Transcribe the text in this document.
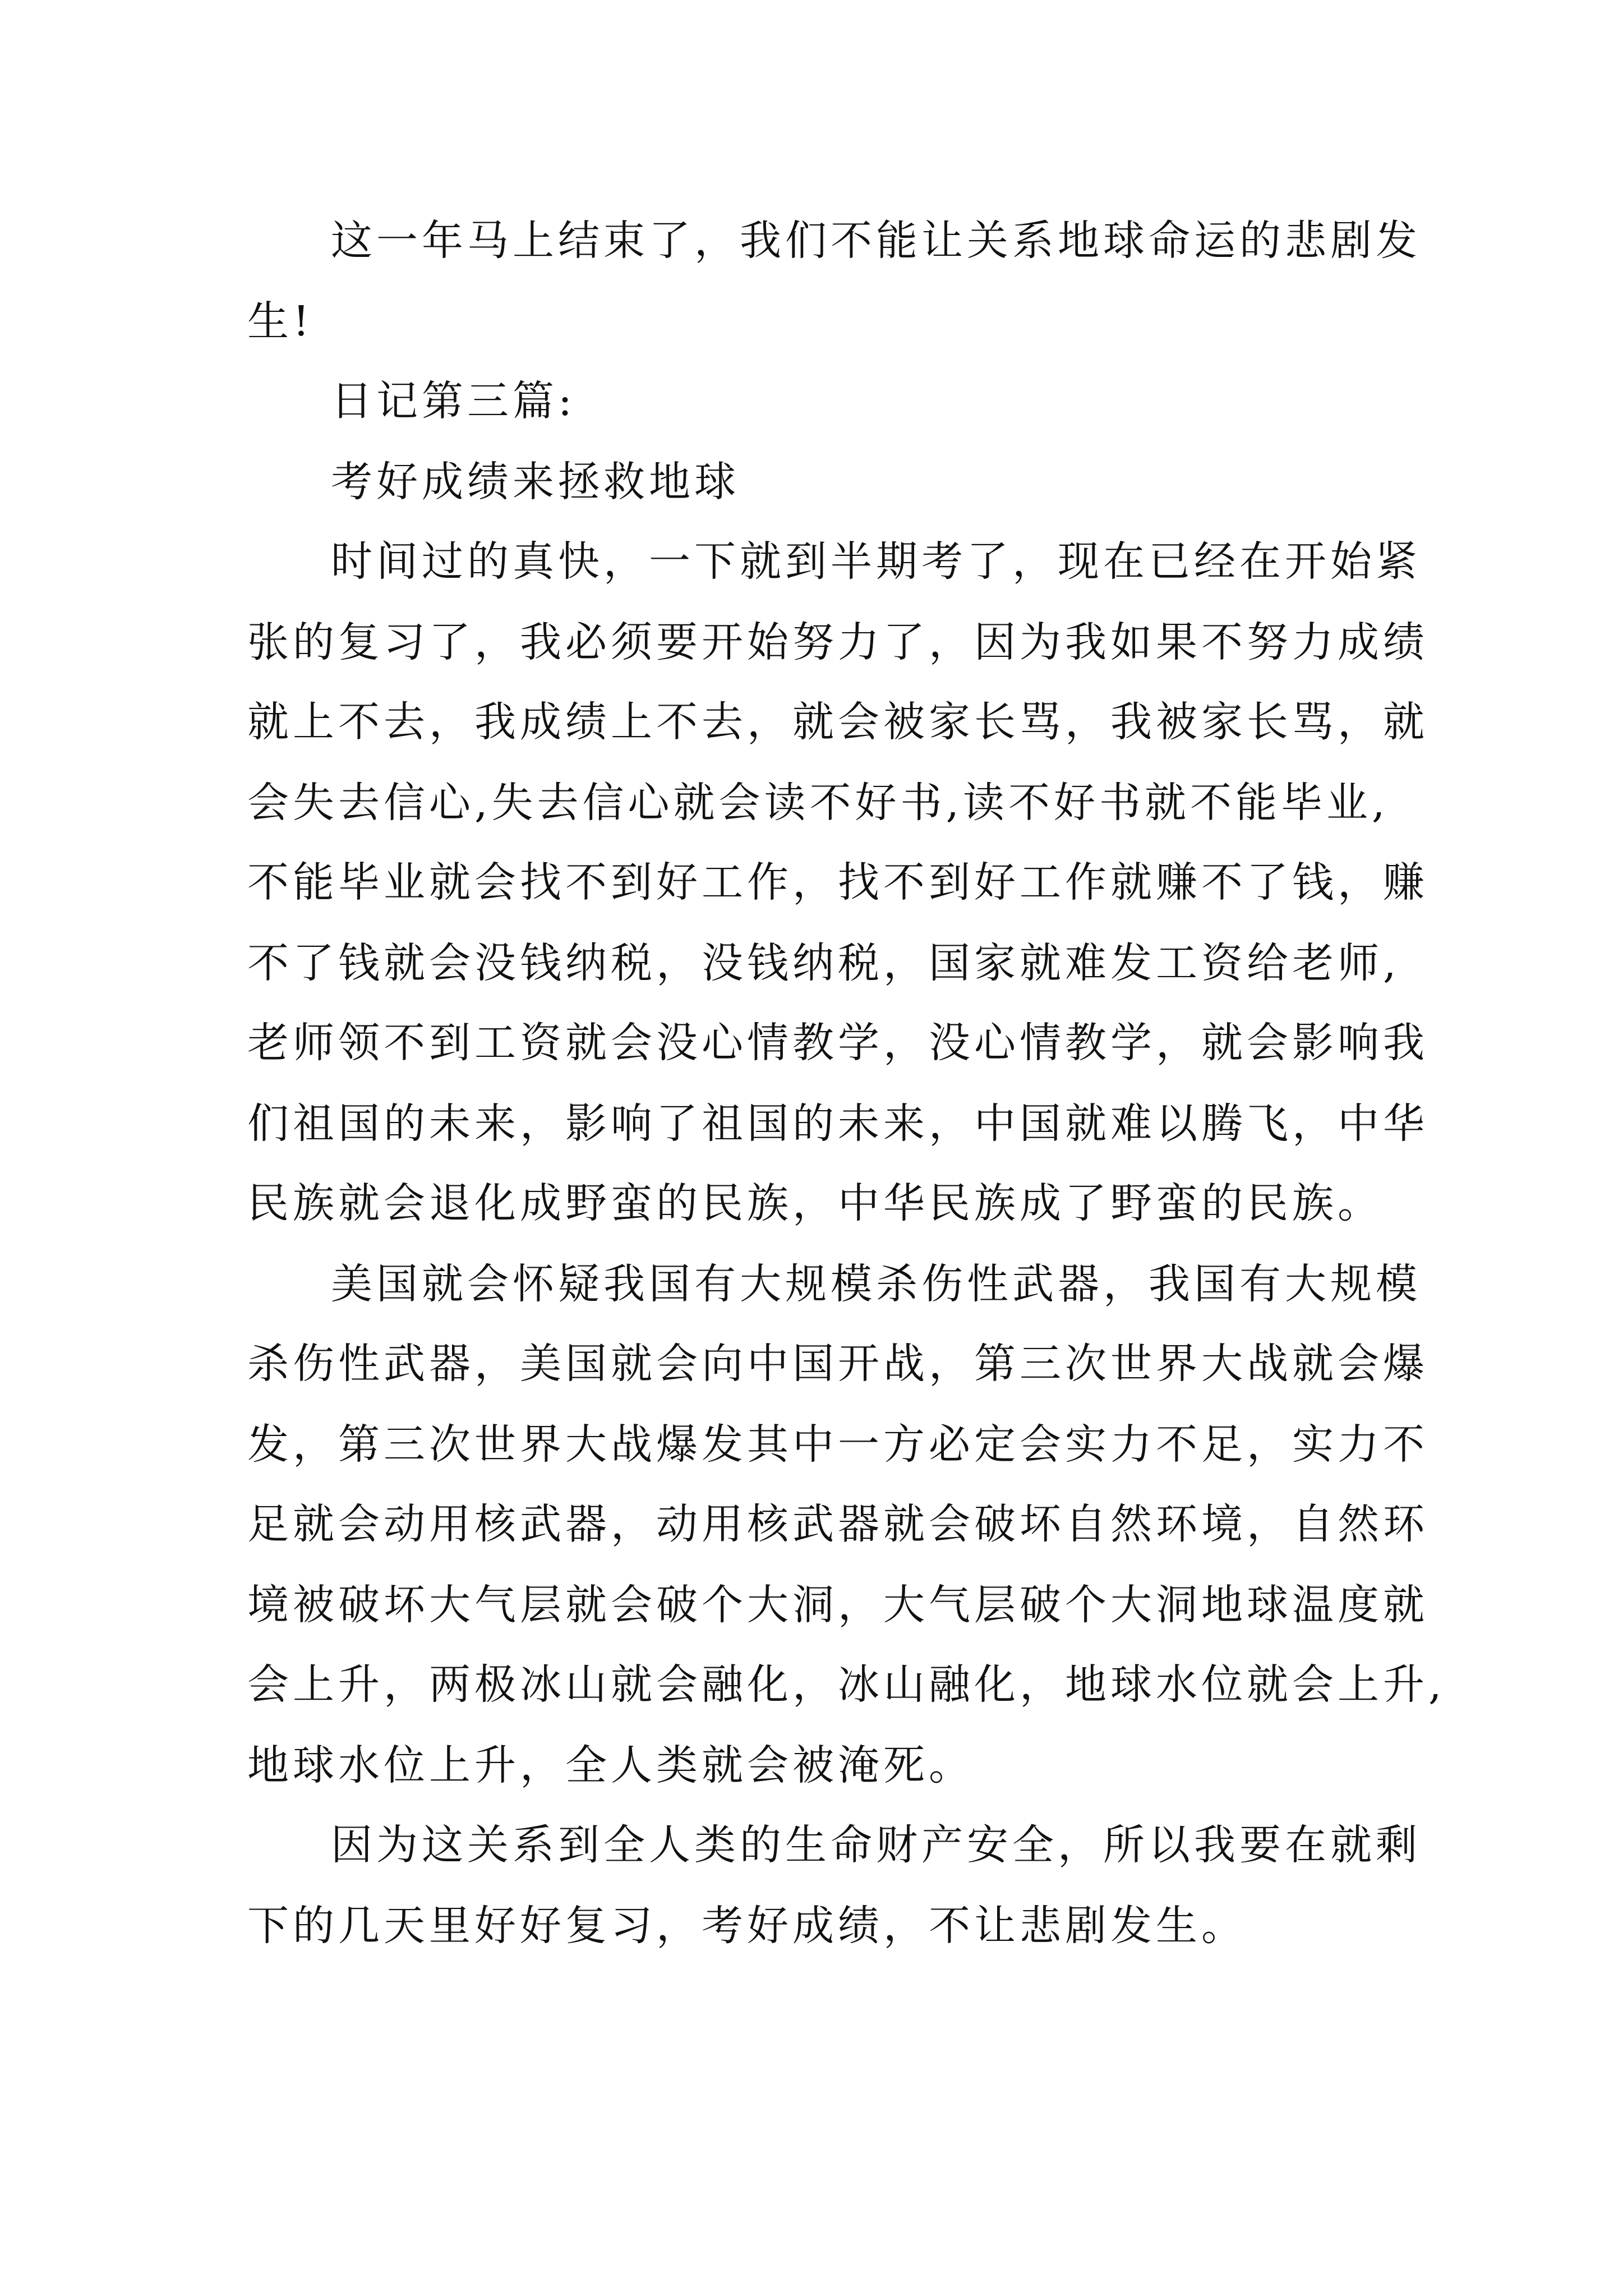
这一年马上结束了，我们不能让关系地球命运的悲剧发
生!
日记第三篇:
考好成绩来拯救地球
时间过的真快，一下就到半期考了，现在已经在开始紧
张的复习了，我必须要开始努力了，因为我如果不努力成绩
就上不去，我成绩上不去，就会被家长骂，我被家长骂，就
会失去信心,失去信心就会读不好书,读不好书就不能毕业,
不能毕业就会找不到好工作，找不到好工作就赚不了钱，赚
不了钱就会没钱纳税，没钱纳税，国家就难发工资给老师,
老师领不到工资就会没心情教学，没心情教学，就会影响我
们祖国的未来，影响了祖国的未来，中国就难以腾飞，中华
民族就会退化成野蛮的民族，中华民族成了野蛮的民族。
美国就会怀疑我国有大规模杀伤性武器，我国有大规模
杀伤性武器，美国就会向中国开战，第三次世界大战就会爆
发，第三次世界大战爆发其中一方必定会实力不足，实力不
足就会动用核武器，动用核武器就会破坏自然环境，自然环
境被破坏大气层就会破个大洞，大气层破个大洞地球温度就
会上升，两极冰山就会融化，冰山融化，地球水位就会上升,
地球水位上升，全人类就会被淹死。
因为这关系到全人类的生命财产安全，所以我要在就剩
下的几天里好好复习，考好成绩，不让悲剧发生。
